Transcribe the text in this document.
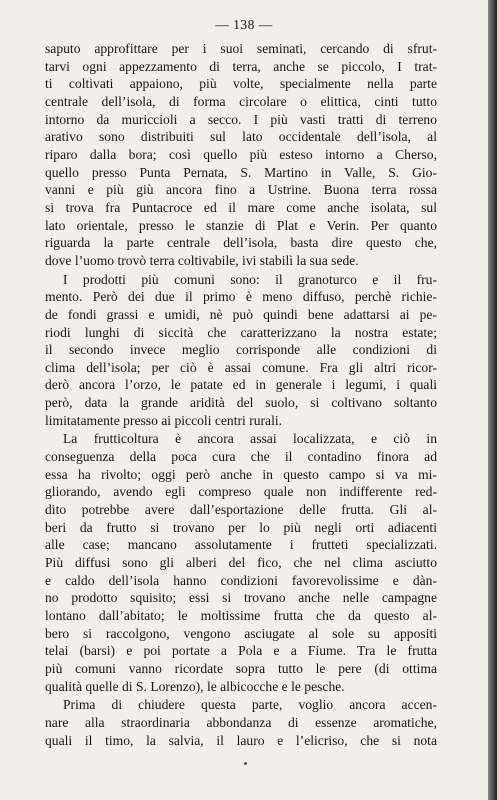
— 138 —

saputo approfittare per i suoi seminati, cercando di sfrut-
tarvi ogni appezzamento di terra, anche se piccolo, I trat-
ti coltivati appaiono, più volte, specialmente nella parte
centrale dell’isola, di forma circolare o elittica, cinti tutto
intorno da muriccioli a secco. I più vasti tratti di terreno
arativo sono distribuiti sul lato occidentale dell’isola, al
riparo dalla bora; così quello più esteso intorno a Cherso,
quello presso Punta Pernata, S. Martino in Valle, S. Gio-
vanni e più giù ancora fino a Ustrine. Buona terra rossa
si trova fra Puntacroce ed il mare come anche isolata, sul
lato orientale, presso le stanzie di Plat e Verin. Per quanto
riguarda la parte centrale dell’isola, basta dire questo che,
dove l’uomo trovò terra coltivabile, ivi stabilì la sua sede.

I prodotti più comuni sono: il granoturco e il fru-
mento. Però dei due il primo è meno diffuso, perchè richie-
de fondi grassi e umidi, nè può quindi bene adattarsi ai pe-
riodi lunghi di siccità che caratterizzano la nostra estate;
il secondo invece meglio corrisponde alle condizioni di
clima dell’isola; per ciò è assai comune. Fra gli altri ricor-
derò ancora l’orzo, le patate ed in generale i legumi, i quali
però, data la grande aridità del suolo, si coltivano soltanto
limitatamente presso ai piccoli centri rurali.

La frutticoltura è ancora assai localizzata, e ciò in
conseguenza della poca cura che il contadino finora ad
essa ha rivolto; oggi però anche in questo campo si va mi-
gliorando, avendo egli compreso quale non indifferente red-
dito potrebbe avere dall’esportazione delle frutta. Gli al-
beri da frutto si trovano per lo più negli orti adiacenti
alle case; mancano assolutamente i frutteti specializzati.
Più diffusi sono gli alberi del fico, che nel clima asciutto
e caldo dell’isola hanno condizioni favorevolissime e dàn-
no prodotto squisito; essi si trovano anche nelle campagne
lontano dall’abitato; le moltissime frutta che da questo al-
bero si raccolgono, vengono asciugate al sole su appositi
telai (barsi) e poi portate a Pola e a Fiume. Tra le frutta
più comuni vanno ricordate sopra tutto le pere (di ottima
qualità quelle di S. Lorenzo), le albicocche e le pesche.

Prima di chiudere questa parte, voglio ancora accen-
nare alla straordinaria abbondanza di essenze aromatiche,
quali il timo, la salvia, il lauro e l’elicriso, che si nota
